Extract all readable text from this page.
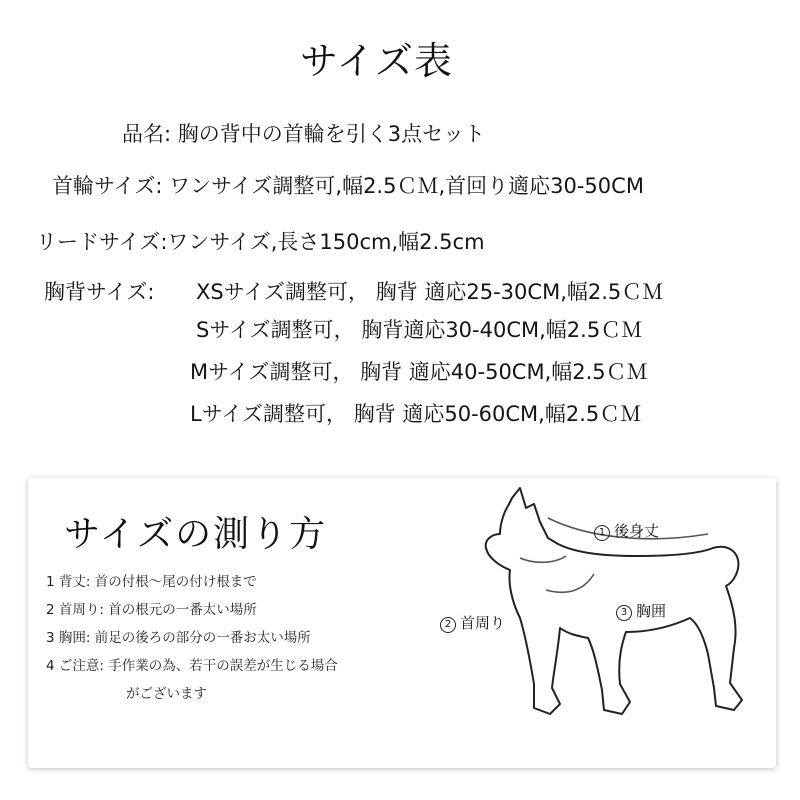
サイズ表
品名: 胸の背中の首輪を引く3点セット
首輪サイズ: ワンサイズ調整可,幅2.5ＣＭ,首回り適応30-50CM
リードサイズ:ワンサイズ,長さ150cm,幅2.5cm
胸背サイズ: XSサイズ調整可， 胸背 適応25-30CM,幅2.5ＣＭ
Sサイズ調整可， 胸背適応30-40CM,幅2.5ＣＭ
Mサイズ調整可， 胸背 適応40-50CM,幅2.5ＣＭ
Lサイズ調整可， 胸背 適応50-60CM,幅2.5ＣＭ
サイズの測り方
1 背丈: 首の付根～尾の付け根まで
2 首周り: 首の根元の一番太い場所
3 胸囲: 前足の後ろの部分の一番お太い場所
4 ご注意: 手作業の為、若干の誤差が生じる場合
がございます
1 後身丈
2 首周り
3 胸囲
